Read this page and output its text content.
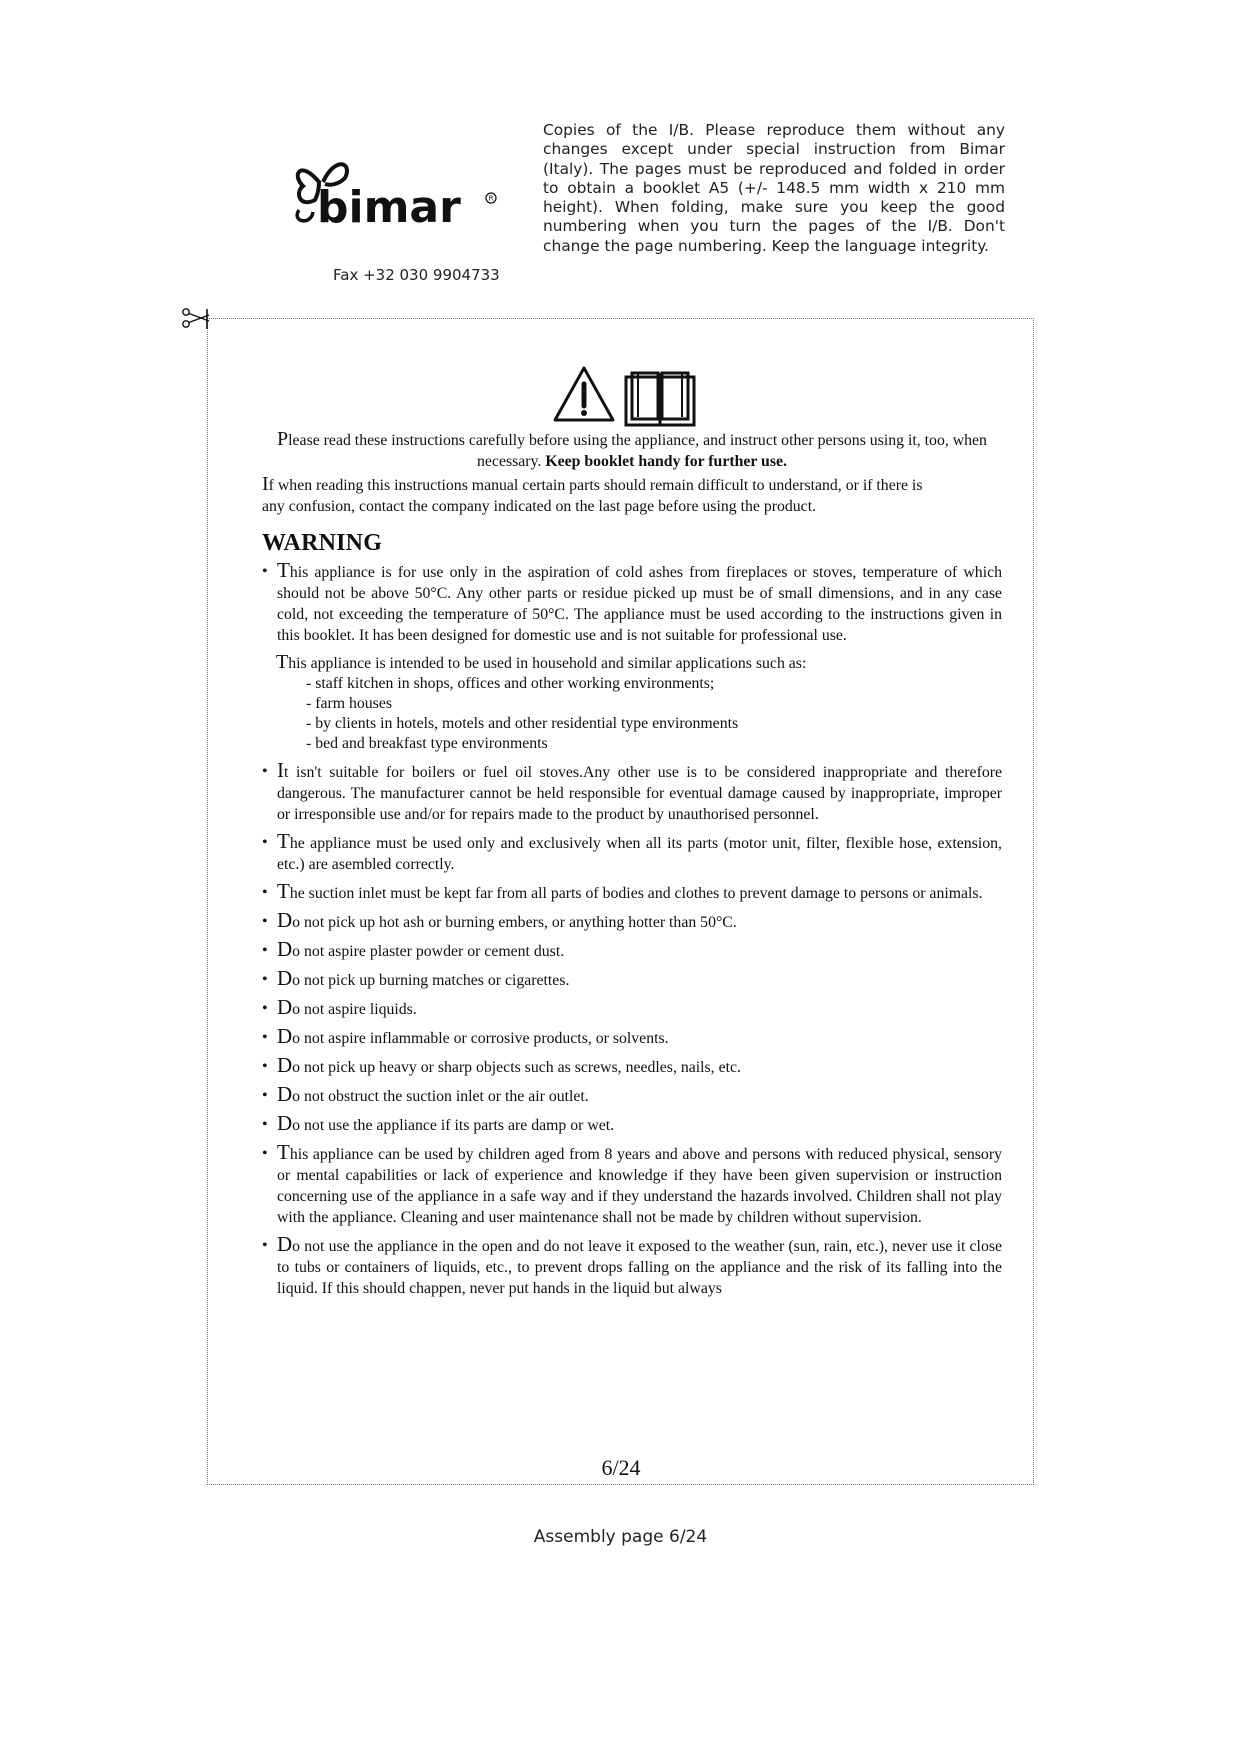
bimar	R
Fax +32 030 9904733
Copies of the I/B. Please reproduce them without any changes except under special instruction from Bimar (Italy). The pages must be reproduced and folded in order to obtain a booklet A5 (+/- 148.5 mm width x 210 mm height). When folding, make sure you keep the good numbering when you turn the pages of the I/B. Don't change the page numbering. Keep the language integrity.

Please read these instructions carefully before using the appliance, and instruct other persons using it, too, when necessary. Keep booklet handy for further use.

If when reading this instructions manual certain parts should remain difficult to understand, or if there is any confusion, contact the company indicated on the last page before using the product.

WARNING
• This appliance is for use only in the aspiration of cold ashes from fireplaces or stoves, temperature of which should not be above 50°C. Any other parts or residue picked up must be of small dimensions, and in any case cold, not exceeding the temperature of 50°C. The appliance must be used according to the instructions given in this booklet. It has been designed for domestic use and is not suitable for professional use.

This appliance is intended to be used in household and similar applications such as:

- staff kitchen in shops, offices and other working environments;
- farm houses
- by clients in hotels, motels and other residential type environments
- bed and breakfast type environments
• It isn't suitable for boilers or fuel oil stoves.Any other use is to be considered inappropriate and therefore dangerous. The manufacturer cannot be held responsible for eventual damage caused by inappropriate, improper or irresponsible use and/or for repairs made to the product by unauthorised personnel.
• The appliance must be used only and exclusively when all its parts (motor unit, filter, flexible hose, extension, etc.) are asembled correctly.
• The suction inlet must be kept far from all parts of bodies and clothes to prevent damage to persons or animals.
• Do not pick up hot ash or burning embers, or anything hotter than 50°C.
• Do not aspire plaster powder or cement dust.
• Do not pick up burning matches or cigarettes.
• Do not aspire liquids.
• Do not aspire inflammable or corrosive products, or solvents.
• Do not pick up heavy or sharp objects such as screws, needles, nails, etc.
• Do not obstruct the suction inlet or the air outlet.
• Do not use the appliance if its parts are damp or wet.
• This appliance can be used by children aged from 8 years and above and persons with reduced physical, sensory or mental capabilities or lack of experience and knowledge if they have been given supervision or instruction concerning use of the appliance in a safe way and if they understand the hazards involved. Children shall not play with the appliance. Cleaning and user maintenance shall not be made by children without supervision.
• Do not use the appliance in the open and do not leave it exposed to the weather (sun, rain, etc.), never use it close to tubs or containers of liquids, etc., to prevent drops falling on the appliance and the risk of its falling into the liquid. If this should chappen, never put hands in the liquid but always
6/24
Assembly page 6/24
